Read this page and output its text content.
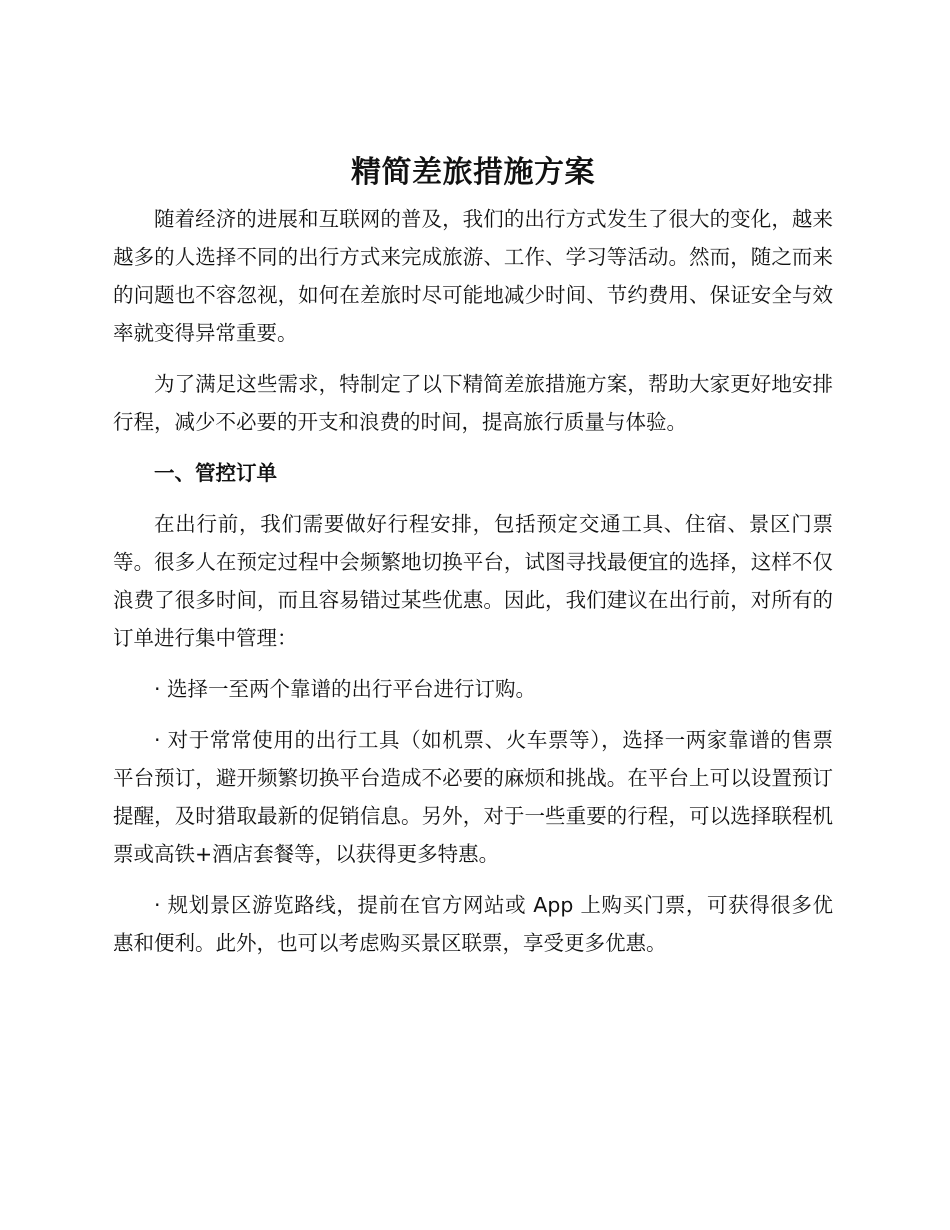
精简差旅措施方案

随着经济的进展和互联网的普及，我们的出行方式发生了很大的变化，越来越多的人选择不同的出行方式来完成旅游、工作、学习等活动。然而，随之而来的问题也不容忽视，如何在差旅时尽可能地减少时间、节约费用、保证安全与效率就变得异常重要。

为了满足这些需求，特制定了以下精简差旅措施方案，帮助大家更好地安排行程，减少不必要的开支和浪费的时间，提高旅行质量与体验。

一、管控订单

在出行前，我们需要做好行程安排，包括预定交通工具、住宿、景区门票等。很多人在预定过程中会频繁地切换平台，试图寻找最便宜的选择，这样不仅浪费了很多时间，而且容易错过某些优惠。因此，我们建议在出行前，对所有的订单进行集中管理：

· 选择一至两个靠谱的出行平台进行订购。

· 对于常常使用的出行工具（如机票、火车票等），选择一两家靠谱的售票平台预订，避开频繁切换平台造成不必要的麻烦和挑战。在平台上可以设置预订提醒，及时猎取最新的促销信息。另外，对于一些重要的行程，可以选择联程机票或高铁+酒店套餐等，以获得更多特惠。

· 规划景区游览路线，提前在官方网站或 App 上购买门票，可获得很多优惠和便利。此外，也可以考虑购买景区联票，享受更多优惠。
